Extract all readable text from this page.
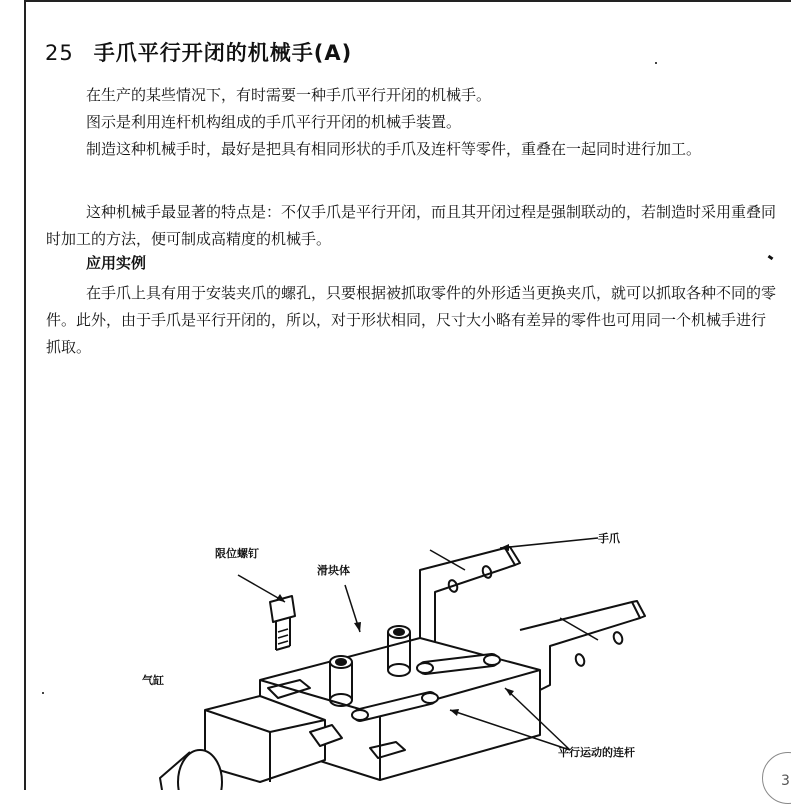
25 手爪平行开闭的机械手(A)
在生产的某些情况下，有时需要一种手爪平行开闭的机械手。
图示是利用连杆机构组成的手爪平行开闭的机械手装置。
制造这种机械手时，最好是把具有相同形状的手爪及连杆等零件，重叠在一起同时进行加工。
这种机械手最显著的特点是：不仅手爪是平行开闭，而且其开闭过程是强制联动的，若制造时采用重叠同时加工的方法，便可制成高精度的机械手。
应用实例
在手爪上具有用于安装夹爪的螺孔，只要根据被抓取零件的外形适当更换夹爪，就可以抓取各种不同的零件。此外，由于手爪是平行开闭的，所以，对于形状相同，尺寸大小略有差异的零件也可用同一个机械手进行抓取。
限位螺钉
滑块体
手爪
气缸
平行运动的连杆
3
